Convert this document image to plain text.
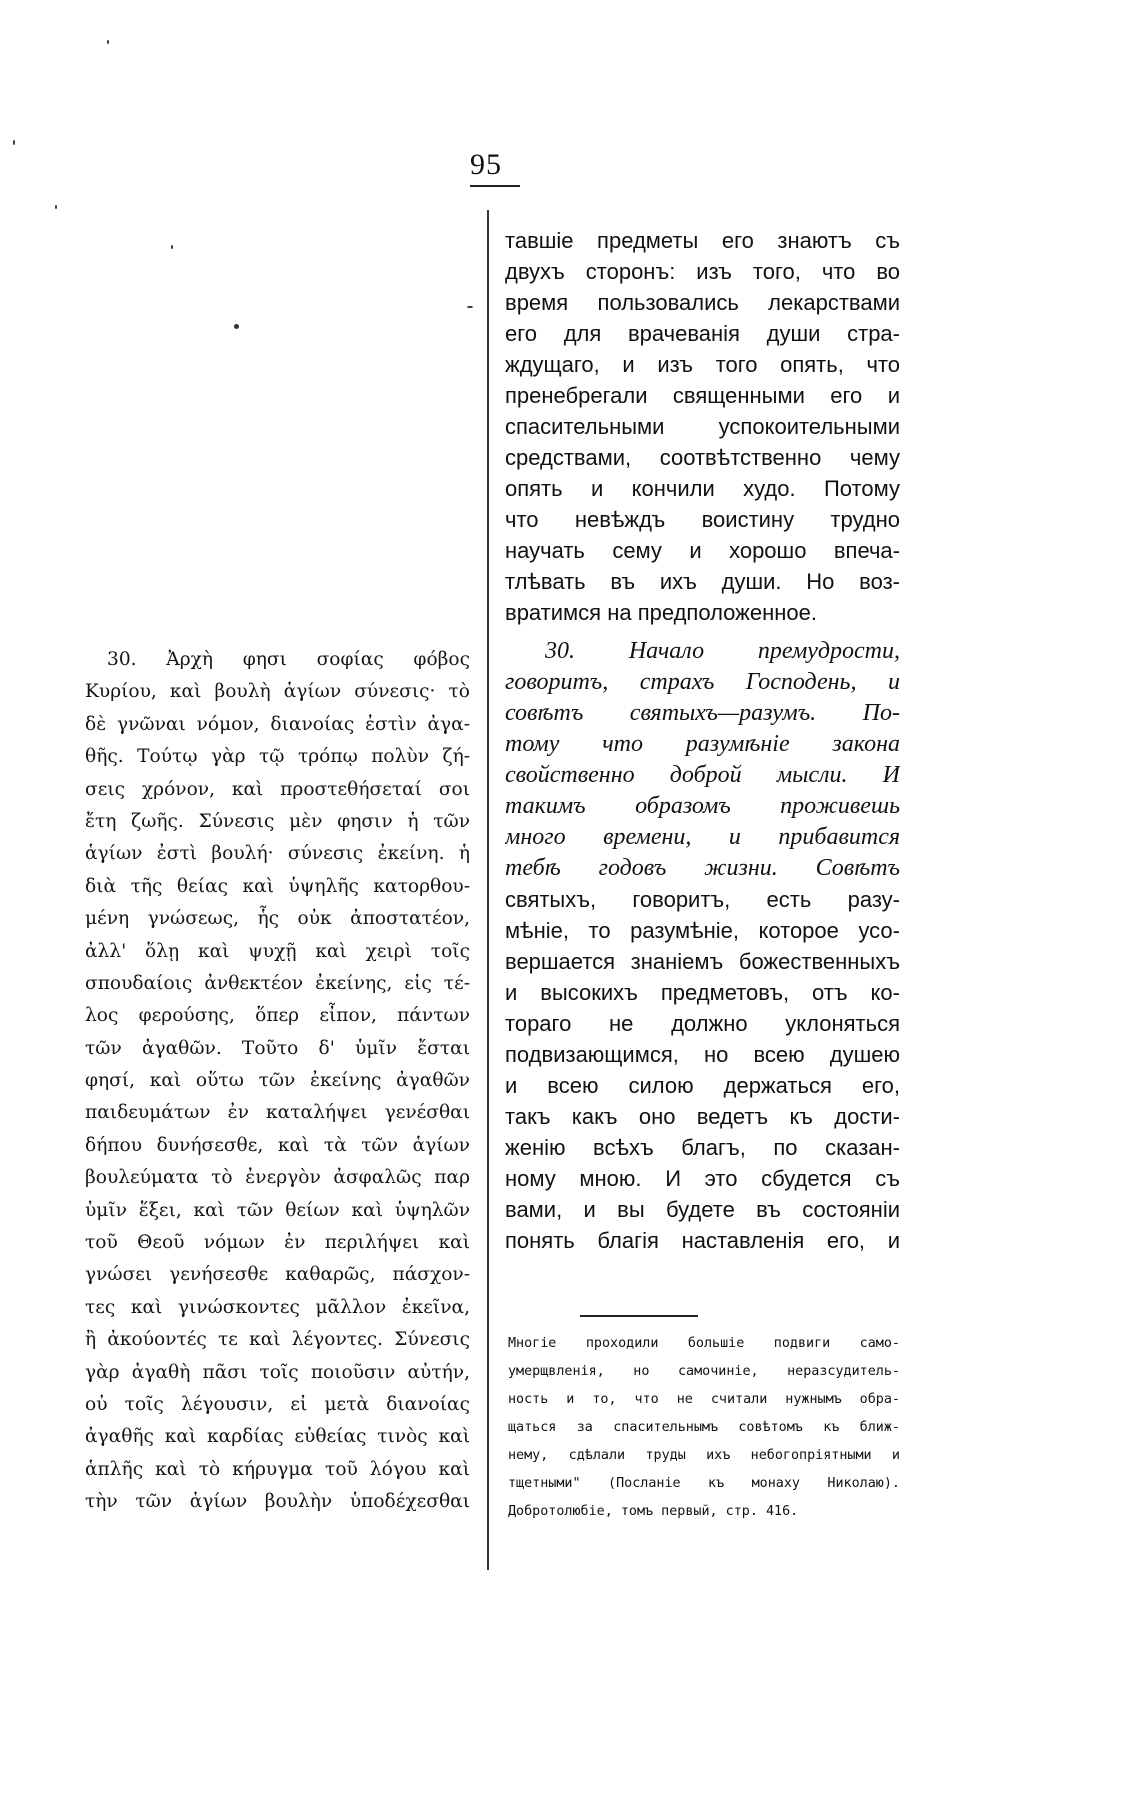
95
30. Ἀρχὴ φησι σοφίας φόβος
Κυρίου, καὶ βουλὴ ἁγίων σύνεσις· τὸ
δὲ γνῶναι νόμον, διανοίας ἐστὶν ἀγα-
θῆς. Τούτῳ γὰρ τῷ τρόπῳ πολὺν ζή-
σεις χρόνον, καὶ προστεθήσεταί σοι
ἔτη ζωῆς. Σύνεσις μὲν φησιν ἡ τῶν
ἁγίων ἐστὶ βουλή· σύνεσις ἐκείνη. ἡ
διὰ τῆς θείας καὶ ὑψηλῆς κατορθου-
μένη γνώσεως, ἧς οὐκ ἀποστατέον,
ἀλλ' ὅλῃ καὶ ψυχῇ καὶ χειρὶ τοῖς
σπουδαίοις ἀνθεκτέον ἐκείνης, εἰς τέ-
λος φερούσης, ὅπερ εἶπον, πάντων
τῶν ἀγαθῶν. Τοῦτο δ' ὑμῖν ἔσται
φησί, καὶ οὕτω τῶν ἐκείνης ἀγαθῶν
παιδευμάτων ἐν καταλήψει γενέσθαι
δήπου δυνήσεσθε, καὶ τὰ τῶν ἁγίων
βουλεύματα τὸ ἐνεργὸν ἀσφαλῶς παρ
ὑμῖν ἕξει, καὶ τῶν θείων καὶ ὑψηλῶν
τοῦ Θεοῦ νόμων ἐν περιλήψει καὶ
γνώσει γενήσεσθε καθαρῶς, πάσχον-
τες καὶ γινώσκοντες μᾶλλον ἐκεῖνα,
ἢ ἀκούοντές τε καὶ λέγοντες. Σύνεσις
γὰρ ἀγαθὴ πᾶσι τοῖς ποιοῦσιν αὐτήν,
οὐ τοῖς λέγουσιν, εἰ μετὰ διανοίας
ἀγαθῆς καὶ καρδίας εὐθείας τινὸς καὶ
ἁπλῆς καὶ τὸ κήρυγμα τοῦ λόγου καὶ
τὴν τῶν ἁγίων βουλὴν ὑποδέχεσθαι
тавшіе предметы его знаютъ съ
двухъ сторонъ: изъ того, что во
время пользовались лекарствами
его для врачеванія души стра-
ждущаго, и изъ того опять, что
пренебрегали священными его и
спасительными успокоительными
средствами, соотвѣтственно чему
опять и кончили худо. Потому
что невѣждъ воистину трудно
научать сему и хорошо впеча-
тлѣвать въ ихъ души. Но воз-
вратимся на предположенное.
30. Начало премудрости,
говоритъ, страхъ Господень, и
совѣтъ святыхъ—разумъ. По-
тому что разумѣніе закона
свойственно доброй мысли. И
такимъ образомъ проживешь
много времени, и прибавится
тебѣ годовъ жизни. Совѣтъ
святыхъ, говоритъ, есть разу-
мѣніе, то разумѣніе, которое усо-
вершается знаніемъ божественныхъ
и высокихъ предметовъ, отъ ко-
тораго не должно уклоняться
подвизающимся, но всею душею
и всею силою держаться его,
такъ какъ оно ведетъ къ дости-
женію всѣхъ благъ, по сказан-
ному мною. И это сбудется съ
вами, и вы будете въ состояніи
понять благія наставленія его, и
Многіе проходили большіе подвиги само-
умерщвленія, но самочиніе, неразсудитель-
ность и то, что не считали нужнымъ обра-
щаться за спасительнымъ совѣтомъ къ ближ-
нему, сдѣлали труды ихъ небогопріятными и
тщетными" (Посланіе къ монаху Николаю).
Добротолюбіе, томъ первый, стр. 416.
